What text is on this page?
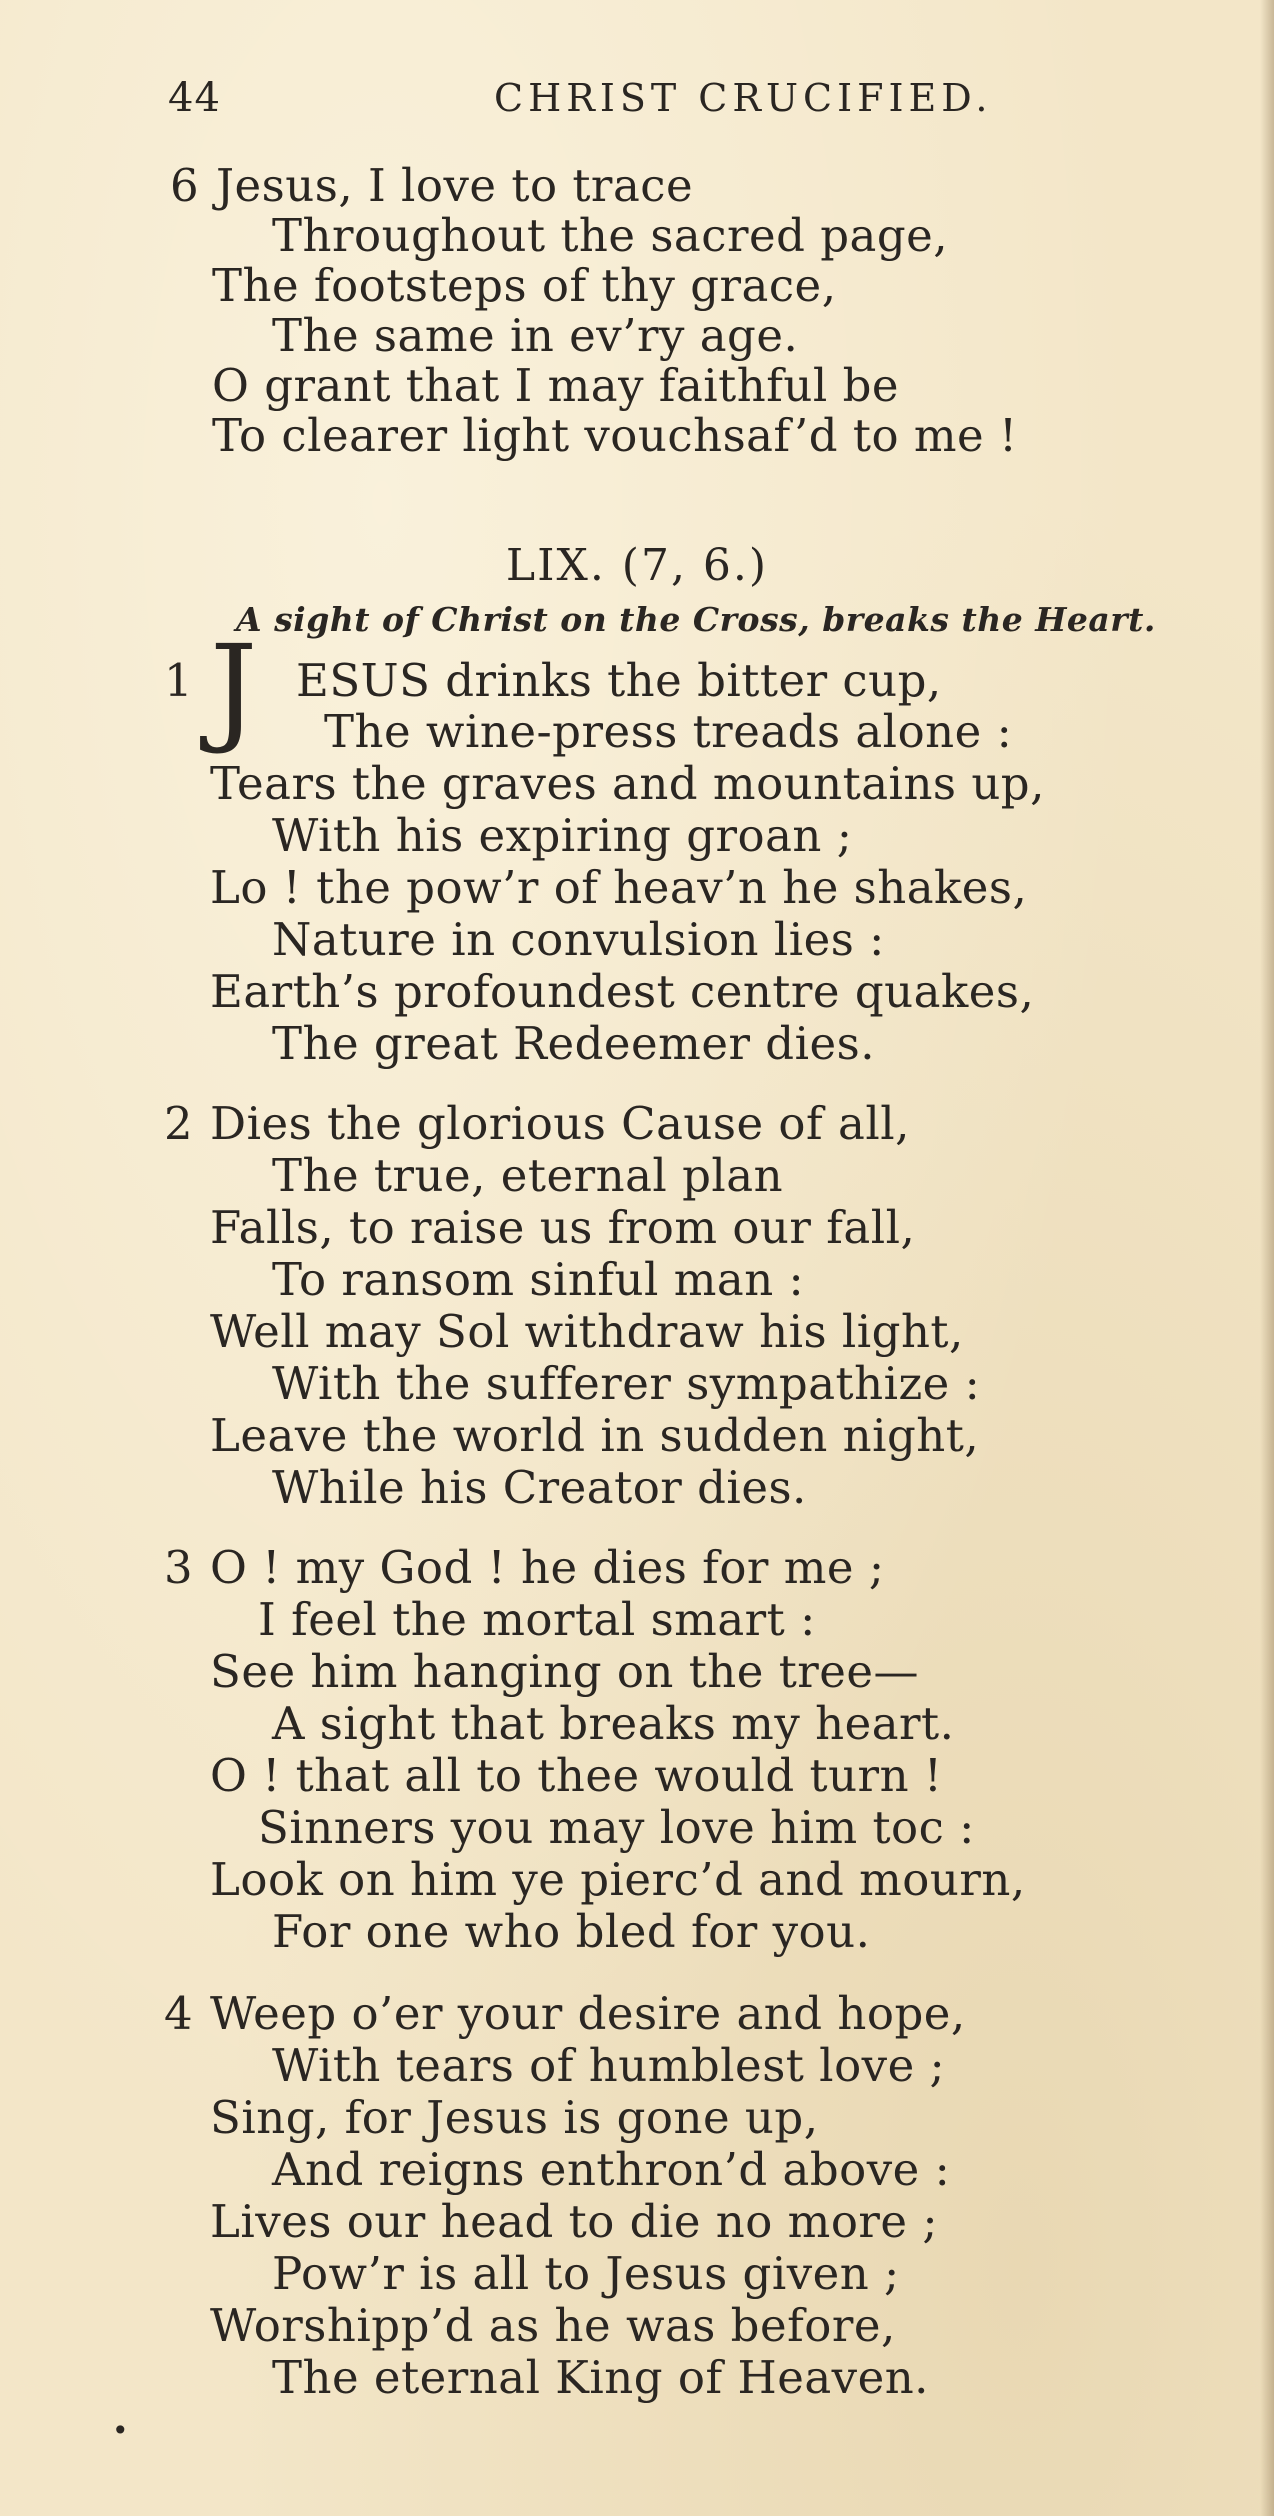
44	CHRIST CRUCIFIED.
6 Jesus, I love to trace
Throughout the sacred page,
The footsteps of thy grace,
The same in ev’ry age.
O grant that I may faithful be
To clearer light vouchsaf’d to me !
LIX. (7, 6.)
A sight of Christ on the Cross, breaks the Heart.
1 J ESUS drinks the bitter cup,
The wine-press treads alone :
Tears the graves and mountains up,
With his expiring groan ;
Lo ! the pow’r of heav’n he shakes,
Nature in convulsion lies :
Earth’s profoundest centre quakes,
The great Redeemer dies.
2 Dies the glorious Cause of all,
The true, eternal plan
Falls, to raise us from our fall,
To ransom sinful man :
Well may Sol withdraw his light,
With the sufferer sympathize :
Leave the world in sudden night,
While his Creator dies.
3 O ! my God ! he dies for me ;
I feel the mortal smart :
See him hanging on the tree—
A sight that breaks my heart.
O ! that all to thee would turn !
Sinners you may love him toc :
Look on him ye pierc’d and mourn,
For one who bled for you.
4 Weep o’er your desire and hope,
With tears of humblest love ;
Sing, for Jesus is gone up,
And reigns enthron’d above :
Lives our head to die no more ;
Pow’r is all to Jesus given ;
Worshipp’d as he was before,
The eternal King of Heaven.
•
